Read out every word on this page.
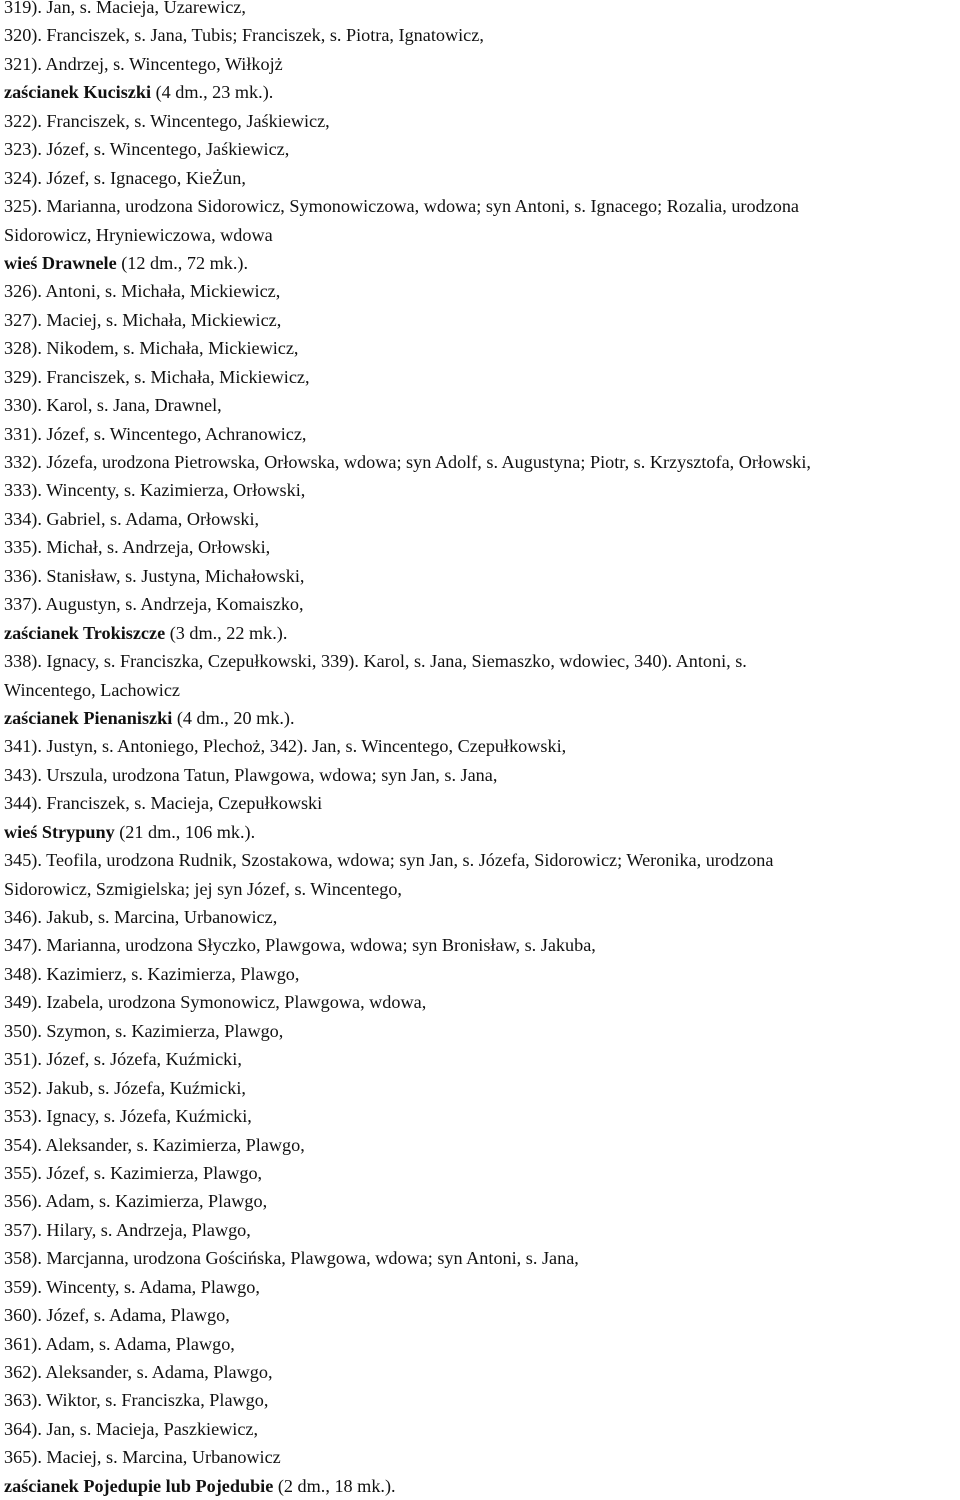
319). Jan, s. Macieja, Uzarewicz,
320). Franciszek, s. Jana, Tubis; Franciszek, s. Piotra, Ignatowicz,
321). Andrzej, s. Wincentego, Wiłkojż
zaścianek Kuciszki (4 dm., 23 mk.).
322). Franciszek, s. Wincentego, Jaśkiewicz,
323). Józef, s. Wincentego, Jaśkiewicz,
324). Józef, s. Ignacego, KieŻun,
325). Marianna, urodzona Sidorowicz, Symonowiczowa, wdowa; syn Antoni, s. Ignacego; Rozalia, urodzona
Sidorowicz, Hryniewiczowa, wdowa
wieś Drawnele (12 dm., 72 mk.).
326). Antoni, s. Michała, Mickiewicz,
327). Maciej, s. Michała, Mickiewicz,
328). Nikodem, s. Michała, Mickiewicz,
329). Franciszek, s. Michała, Mickiewicz,
330). Karol, s. Jana, Drawnel,
331). Józef, s. Wincentego, Achranowicz,
332). Józefa, urodzona Pietrowska, Orłowska, wdowa; syn Adolf, s. Augustyna; Piotr, s. Krzysztofa, Orłowski,
333). Wincenty, s. Kazimierza, Orłowski,
334). Gabriel, s. Adama, Orłowski,
335). Michał, s. Andrzeja, Orłowski,
336). Stanisław, s. Justyna, Michałowski,
337). Augustyn, s. Andrzeja, Komaiszko,
zaścianek Trokiszcze (3 dm., 22 mk.).
338). Ignacy, s. Franciszka, Czepułkowski, 339). Karol, s. Jana, Siemaszko, wdowiec, 340). Antoni, s.
Wincentego, Lachowicz
zaścianek Pienaniszki (4 dm., 20 mk.).
341). Justyn, s. Antoniego, Plechoż, 342). Jan, s. Wincentego, Czepułkowski,
343). Urszula, urodzona Tatun, Plawgowa, wdowa; syn Jan, s. Jana,
344). Franciszek, s. Macieja, Czepułkowski
wieś Strypuny (21 dm., 106 mk.).
345). Teofila, urodzona Rudnik, Szostakowa, wdowa; syn Jan, s. Józefa, Sidorowicz; Weronika, urodzona
Sidorowicz, Szmigielska; jej syn Józef, s. Wincentego,
346). Jakub, s. Marcina, Urbanowicz,
347). Marianna, urodzona Słyczko, Plawgowa, wdowa; syn Bronisław, s. Jakuba,
348). Kazimierz, s. Kazimierza, Plawgo,
349). Izabela, urodzona Symonowicz, Plawgowa, wdowa,
350). Szymon, s. Kazimierza, Plawgo,
351). Józef, s. Józefa, Kuźmicki,
352). Jakub, s. Józefa, Kuźmicki,
353). Ignacy, s. Józefa, Kuźmicki,
354). Aleksander, s. Kazimierza, Plawgo,
355). Józef, s. Kazimierza, Plawgo,
356). Adam, s. Kazimierza, Plawgo,
357). Hilary, s. Andrzeja, Plawgo,
358). Marcjanna, urodzona Gościńska, Plawgowa, wdowa; syn Antoni, s. Jana,
359). Wincenty, s. Adama, Plawgo,
360). Józef, s. Adama, Plawgo,
361). Adam, s. Adama, Plawgo,
362). Aleksander, s. Adama, Plawgo,
363). Wiktor, s. Franciszka, Plawgo,
364). Jan, s. Macieja, Paszkiewicz,
365). Maciej, s. Marcina, Urbanowicz
zaścianek Pojedupie lub Pojedubie (2 dm., 18 mk.).
